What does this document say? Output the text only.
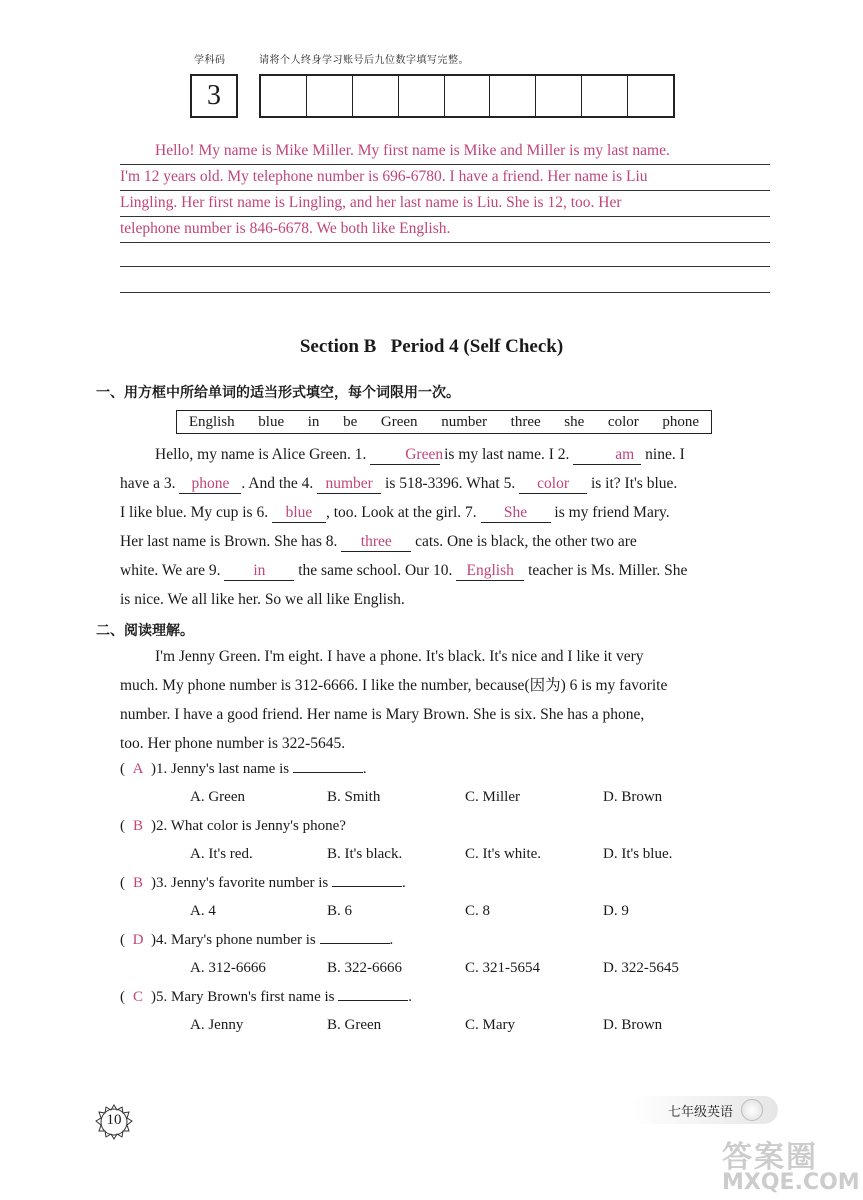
学科码	请将个人终身学习账号后九位数字填写完整。
3
Hello! My name is Mike Miller. My first name is Mike and Miller is my last name.
I'm 12 years old. My telephone number is 696-6780. I have a friend. Her name is Liu
Lingling. Her first name is Lingling, and her last name is Liu. She is 12, too. Her
telephone number is 846-6678. We both like English.
Section B   Period 4 (Self Check)
一、用方框中所给单词的适当形式填空，每个词限用一次。
English blue in be Green number three she color phone
Hello, my name is Alice Green. 1. Green is my last name. I 2.	am nine. I
have a 3. phone . And the 4. number is 518-3396. What 5. color is it? It's blue.
I like blue. My cup is 6. blue , too. Look at the girl. 7. She is my friend Mary.
Her last name is Brown. She has 8. three cats. One is black, the other two are
white. We are 9. in the same school. Our 10. English teacher is Ms. Miller. She
is nice. We all like her. So we all like English.
二、阅读理解。
I'm Jenny Green. I'm eight. I have a phone. It's black. It's nice and I like it very
much. My phone number is 312-6666. I like the number, because(因为) 6 is my favorite
number. I have a good friend. Her name is Mary Brown. She is six. She has a phone,
too. Her phone number is 322-5645.
( A )1. Jenny's last name is	.
A. Green	B. Smith	C. Miller	D. Brown
( B )2. What color is Jenny's phone?
A. It's red.	B. It's black.	C. It's white.	D. It's blue.
( B )3. Jenny's favorite number is	.
A. 4	B. 6	C. 8	D. 9
( D )4. Mary's phone number is	.
A. 312-6666	B. 322-6666	C. 321-5654	D. 322-5645
( C )5. Mary Brown's first name is	.
A. Jenny	B. Green	C. Mary	D. Brown
10	七年级英语
答案圈
MXQE.COM
